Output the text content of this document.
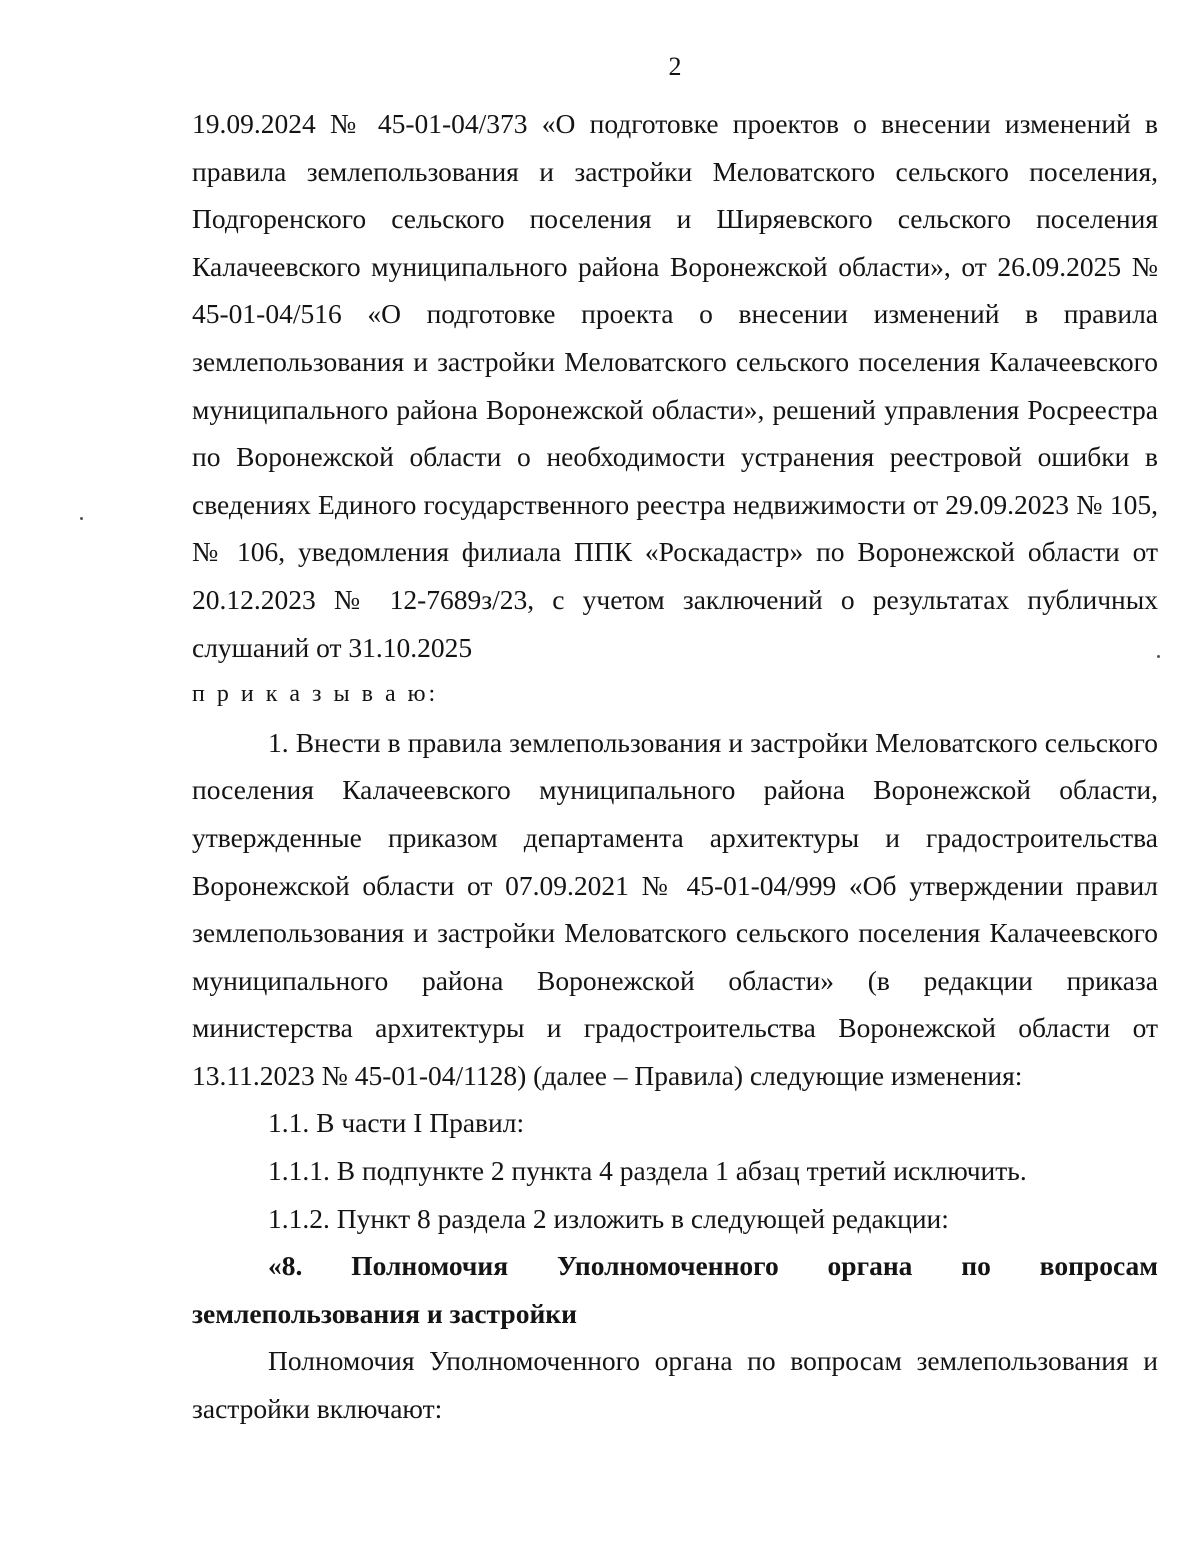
2

19.09.2024 № 45-01-04/373 «О подготовке проектов о внесении изменений в правила землепользования и застройки Меловатского сельского поселения, Подгоренского сельского поселения и Ширяевского сельского поселения Калачеевского муниципального района Воронежской области», от 26.09.2025 № 45-01-04/516 «О подготовке проекта о внесении изменений в правила землепользования и застройки Меловатского сельского поселения Калачеевского муниципального района Воронежской области», решений управления Росреестра по Воронежской области о необходимости устранения реестровой ошибки в сведениях Единого государственного реестра недвижимости от 29.09.2023 № 105, № 106, уведомления филиала ППК «Роскадастр» по Воронежской области от 20.12.2023 № 12-7689з/23, с учетом заключений о результатах публичных слушаний от 31.10.2025

п р и к а з ы в а ю:

1. Внести в правила землепользования и застройки Меловатского сельского поселения Калачеевского муниципального района Воронежской области, утвержденные приказом департамента архитектуры и градостроительства Воронежской области от 07.09.2021 № 45-01-04/999 «Об утверждении правил землепользования и застройки Меловатского сельского поселения Калачеевского муниципального района Воронежской области» (в редакции приказа министерства архитектуры и градостроительства Воронежской области от 13.11.2023 № 45-01-04/1128) (далее – Правила) следующие изменения:

1.1. В части I Правил:

1.1.1. В подпункте 2 пункта 4 раздела 1 абзац третий исключить.

1.1.2. Пункт 8 раздела 2 изложить в следующей редакции:

«8. Полномочия Уполномоченного органа по вопросам землепользования и застройки

Полномочия Уполномоченного органа по вопросам землепользования и застройки включают:
